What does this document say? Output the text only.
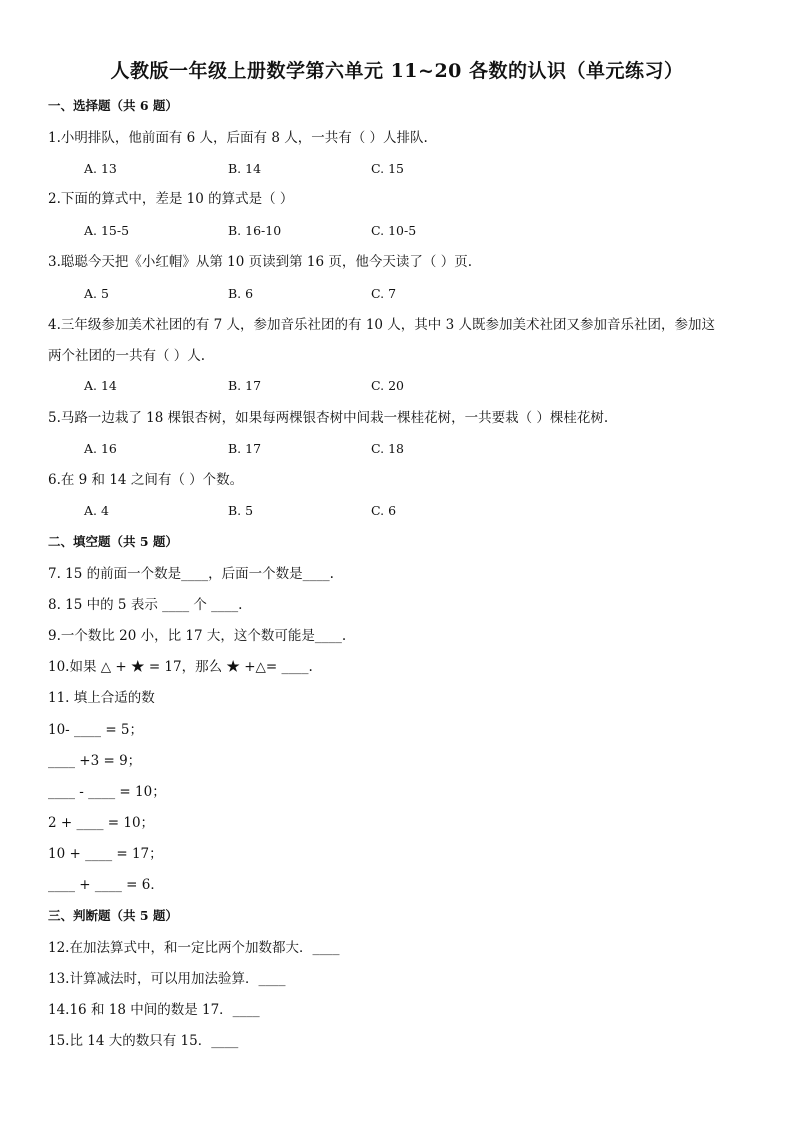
人教版一年级上册数学第六单元 11~20 各数的认识（单元练习）
一、选择题（共 6 题）
1.小明排队，他前面有 6 人，后面有 8 人，一共有（ ）人排队.
A. 13	B. 14	C. 15
2.下面的算式中，差是 10 的算式是（ ）
A. 15-5	B. 16-10	C. 10-5
3.聪聪今天把《小红帽》从第 10 页读到第 16 页，他今天读了（ ）页.
A. 5	B. 6	C. 7
4.三年级参加美术社团的有 7 人，参加音乐社团的有 10 人，其中 3 人既参加美术社团又参加音乐社团，参加这
两个社团的一共有（ ）人.
A. 14	B. 17	C. 20
5.马路一边栽了 18 棵银杏树，如果每两棵银杏树中间栽一棵桂花树，一共要栽（ ）棵桂花树.
A. 16	B. 17	C. 18
6.在 9 和 14 之间有（ ）个数。
A. 4	B. 5	C. 6
二、填空题（共 5 题）
7. 15 的前面一个数是____，后面一个数是____.
8. 15 中的 5 表示 ____ 个 ____.
9.一个数比 20 小，比 17 大，这个数可能是____.
10.如果 △ + ★ = 17，那么 ★ +△= ____.
11. 填上合适的数
10- ____ = 5；
____ +3 = 9；
____ - ____ = 10；
2 + ____ = 10；
10 + ____ = 17；
____ + ____ = 6．
三、判断题（共 5 题）
12.在加法算式中，和一定比两个加数都大．____
13.计算减法时，可以用加法验算．____
14.16 和 18 中间的数是 17．____
15.比 14 大的数只有 15．____
